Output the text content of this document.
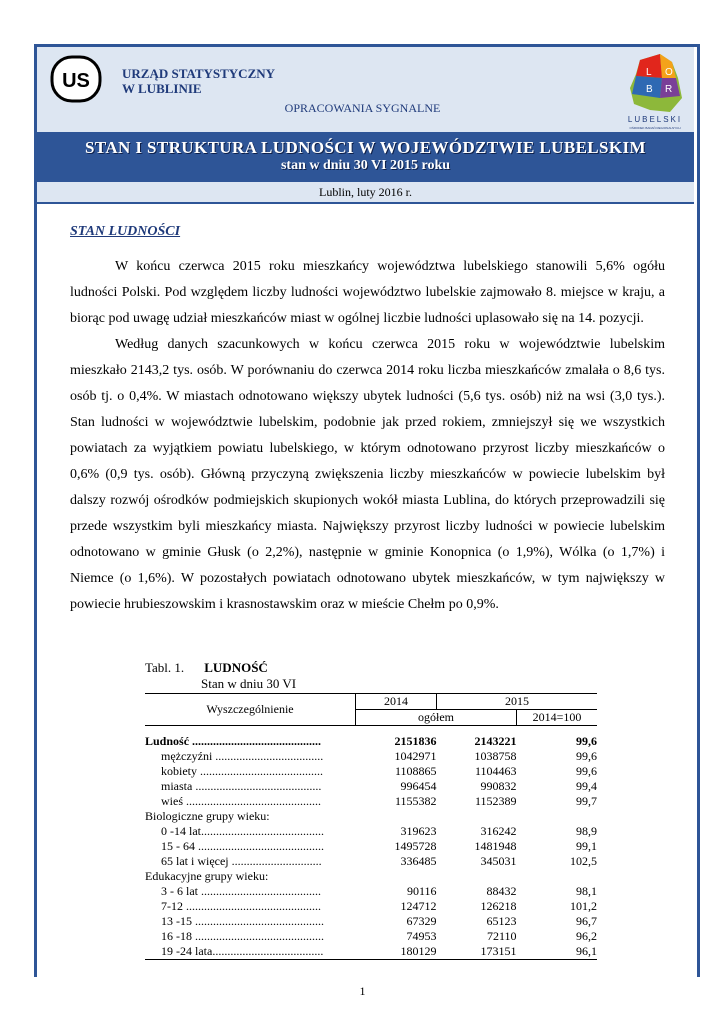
US URZĄD STATYSTYCZNY
W LUBLINIE
OPRACOWANIA SYGNALNE
L O
B R
LUBELSKI
OŚRODEK BADAŃ REGIONALNYCH
STAN I STRUKTURA LUDNOŚCI W WOJEWÓDZTWIE LUBELSKIM
stan w dniu 30 VI 2015 roku
Lublin, luty 2016 r.
STAN LUDNOŚCI

W końcu czerwca 2015 roku mieszkańcy województwa lubelskiego stanowili 5,6% ogółu ludności Polski. Pod względem liczby ludności województwo lubelskie zajmowało 8. miejsce w kraju, a biorąc pod uwagę udział mieszkańców miast w ogólnej liczbie ludności uplasowało się na 14. pozycji.

Według danych szacunkowych w końcu czerwca 2015 roku w województwie lubelskim mieszkało 2143,2 tys. osób. W porównaniu do czerwca 2014 roku liczba mieszkańców zmalała o 8,6 tys. osób tj. o 0,4%. W miastach odnotowano większy ubytek ludności (5,6 tys. osób) niż na wsi (3,0 tys.). Stan ludności w województwie lubelskim, podobnie jak przed rokiem, zmniejszył się we wszystkich powiatach za wyjątkiem powiatu lubelskiego, w którym odnotowano przyrost liczby mieszkańców o 0,6% (0,9 tys. osób). Główną przyczyną zwiększenia liczby mieszkańców w powiecie lubelskim był dalszy rozwój ośrodków podmiejskich skupionych wokół miasta Lublina, do których przeprowadzili się przede wszystkim byli mieszkańcy miasta. Największy przyrost liczby ludności w powiecie lubelskim odnotowano w gminie Głusk (o 2,2%), następnie w gminie Konopnica (o 1,9%), Wólka (o 1,7%) i Niemce (o 1,6%). W pozostałych powiatach odnotowano ubytek mieszkańców, w tym największy w powiecie hrubieszowskim i krasnostawskim oraz w mieście Chełm po 0,9%.

Tabl. 1. LUDNOŚĆ
Stan w dniu 30 VI
Wyszczególnienie	2014	2015	
	ogółem		2014=100
Ludność ...........................................	2151836	2143221	99,6
mężczyźni ....................................	1042971	1038758	99,6
kobiety .........................................	1108865	1104463	99,6
miasta ..........................................	996454	990832	99,4
wieś .............................................	1155382	1152389	99,7
Biologiczne grupy wieku:			
0 -14 lat.........................................	319623	316242	98,9
15 - 64 ..........................................	1495728	1481948	99,1
65 lat i więcej ..............................	336485	345031	102,5
Edukacyjne grupy wieku:			
3 - 6 lat ........................................	90116	88432	98,1
7-12 .............................................	124712	126218	101,2
13 -15 ...........................................	67329	65123	96,7
16 -18 ...........................................	74953	72110	96,2
19 -24 lata.....................................	180129	173151	96,1
1
